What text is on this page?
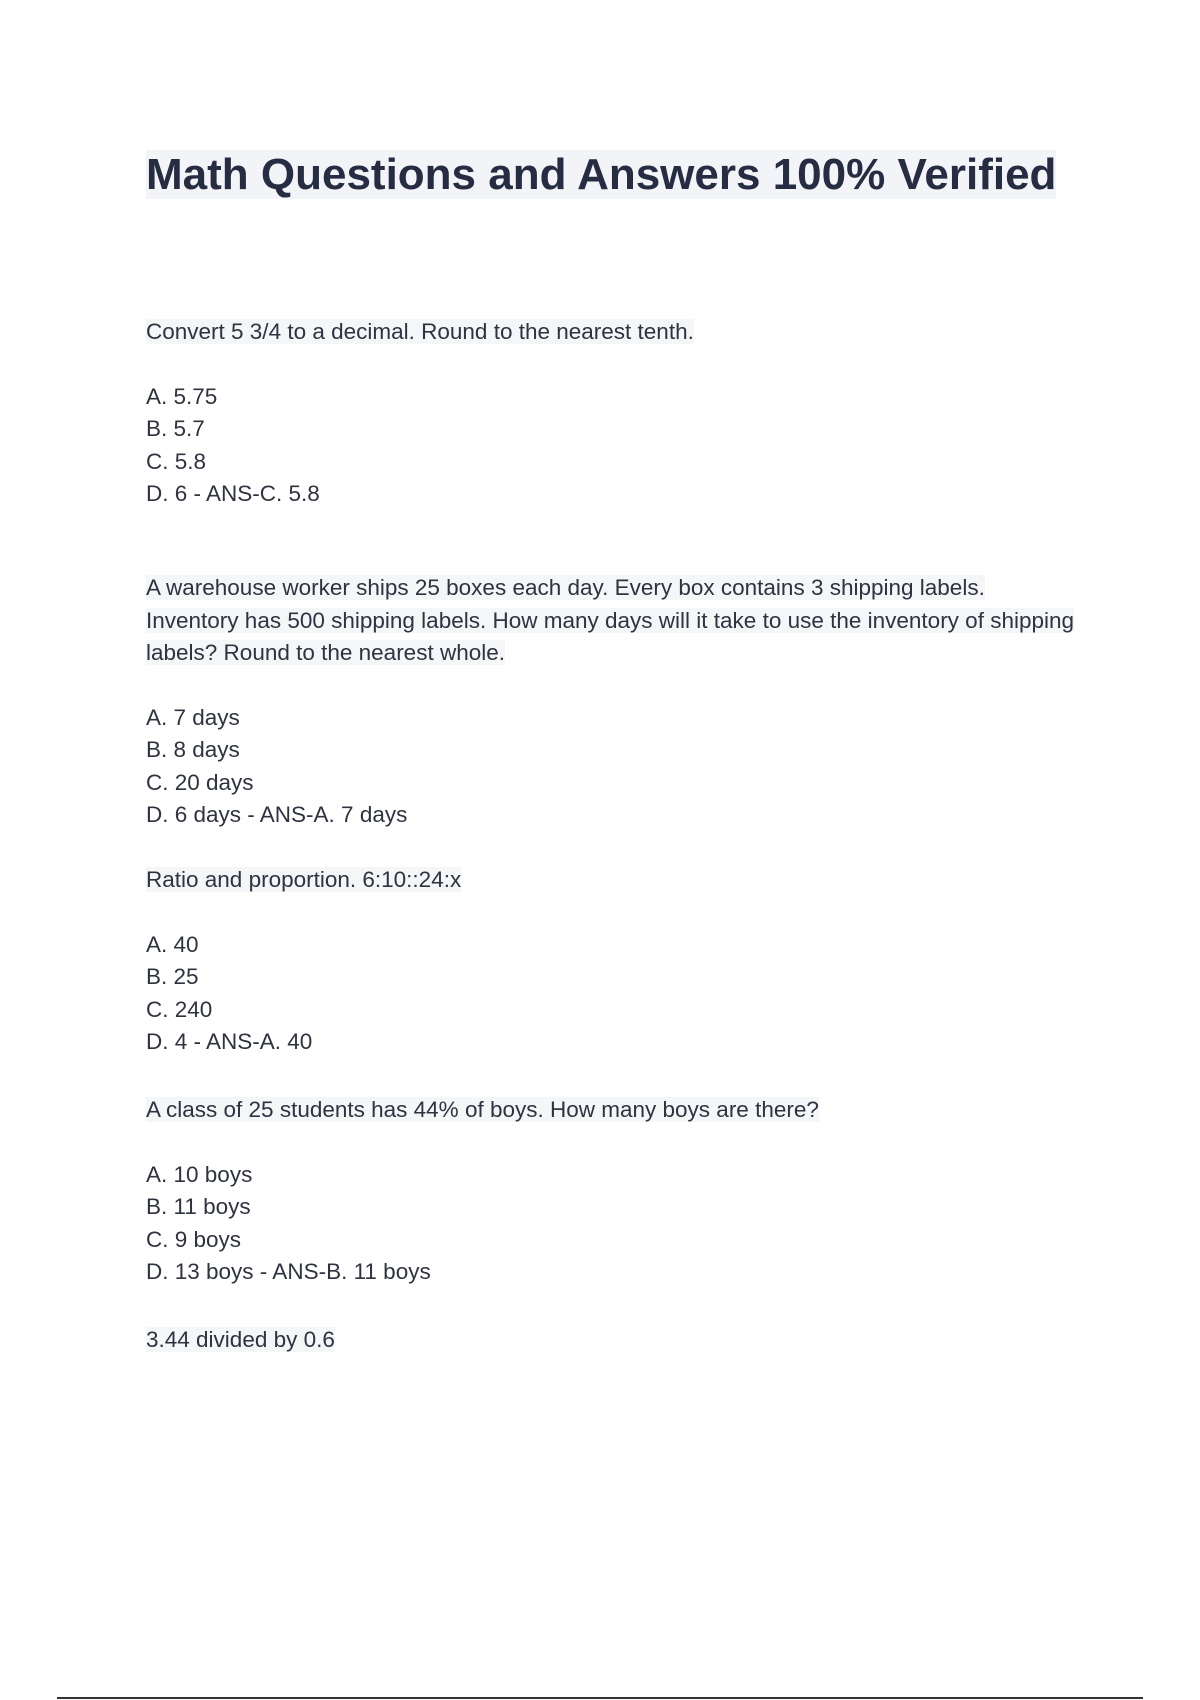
Math Questions and Answers 100% Verified

Convert 5 3/4 to a decimal. Round to the nearest tenth.

A. 5.75
B. 5.7
C. 5.8
D. 6 - ANS-C. 5.8

A warehouse worker ships 25 boxes each day. Every box contains 3 shipping labels. Inventory has 500 shipping labels. How many days will it take to use the inventory of shipping labels? Round to the nearest whole.

A. 7 days
B. 8 days
C. 20 days
D. 6 days - ANS-A. 7 days

Ratio and proportion. 6:10::24:x

A. 40
B. 25
C. 240
D. 4 - ANS-A. 40

A class of 25 students has 44% of boys. How many boys are there?

A. 10 boys
B. 11 boys
C. 9 boys
D. 13 boys - ANS-B. 11 boys

3.44 divided by 0.6
